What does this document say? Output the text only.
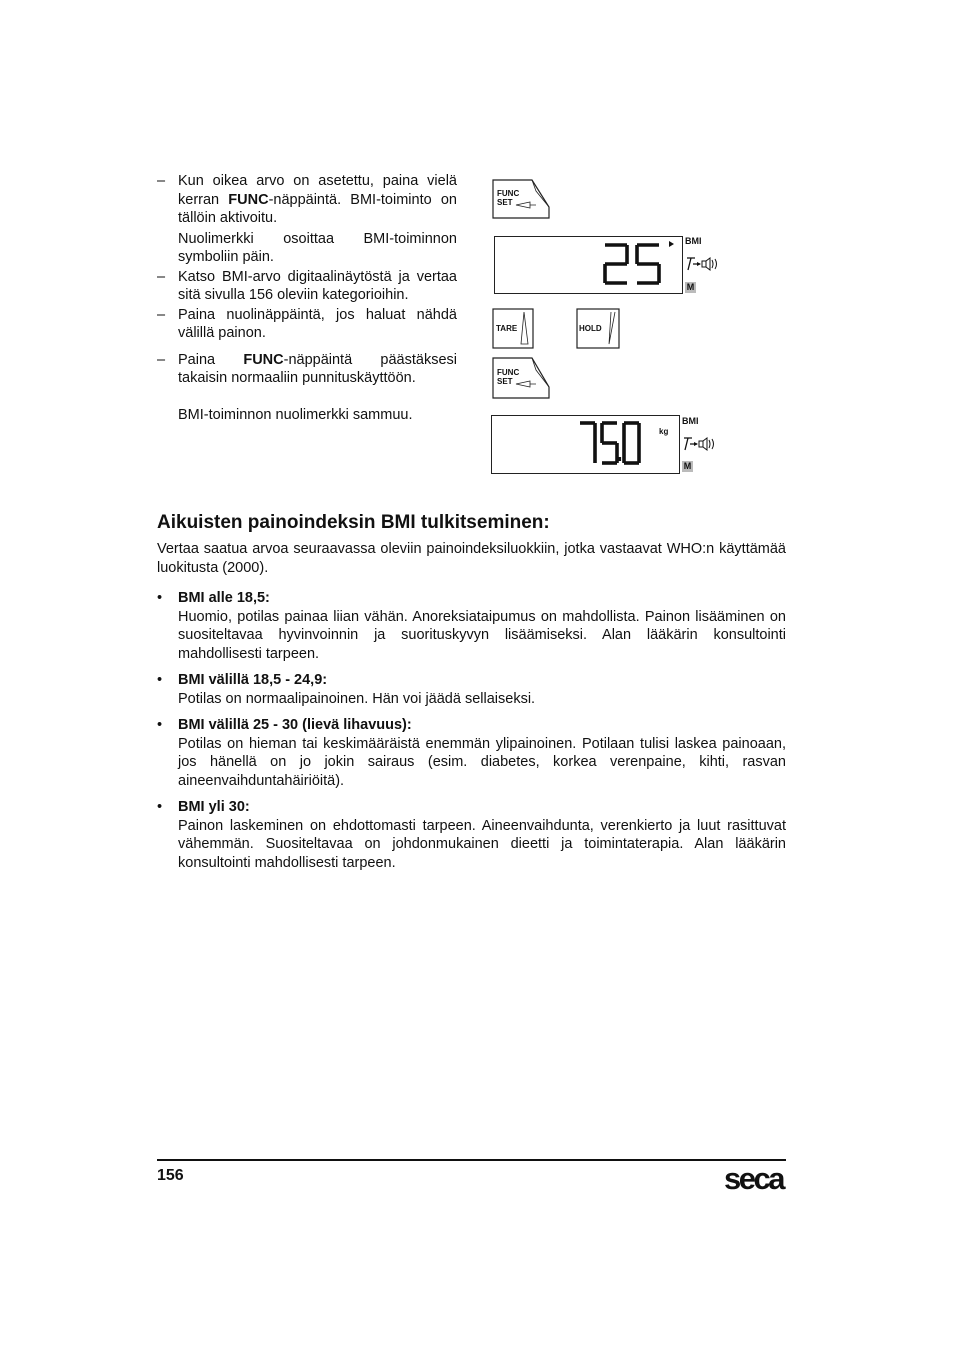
– Kun oikea arvo on asetettu, paina vielä kerran FUNC-näppäintä. BMI-toiminto on tällöin aktivoitu.

Nuolimerkki osoittaa BMI-toiminnon symboliin päin.

– Katso BMI-arvo digitaalinäytöstä ja vertaa sitä sivulla 156 oleviin kategorioihin.

– Paina nuolinäppäintä, jos haluat nähdä välillä painon.

– Paina FUNC-näppäintä päästäksesi takaisin normaaliin punnituskäyttöön.

BMI-toiminnon nuolimerkki sammuu.

FUNC
SET
BMI
M
TARE	HOLD
FUNC
SET
kg
BMI
M
Aikuisten painoindeksin BMI tulkitseminen:

Vertaa saatua arvoa seuraavassa oleviin painoindeksiluokkiin, jotka vastaavat WHO:n käyttämää luokitusta (2000).

• BMI alle 18,5:

Huomio, potilas painaa liian vähän. Anoreksiataipumus on mahdollista. Painon lisääminen on suositeltavaa hyvinvoinnin ja suorituskyvyn lisäämiseksi. Alan lääkärin konsultointi mahdollisesti tarpeen.

• BMI välillä 18,5 - 24,9:

Potilas on normaalipainoinen. Hän voi jäädä sellaiseksi.

• BMI välillä 25 - 30 (lievä lihavuus):

Potilas on hieman tai keskimääräistä enemmän ylipainoinen. Potilaan tulisi laskea painoaan, jos hänellä on jo jokin sairaus (esim. diabetes, korkea verenpaine, kihti, rasvan aineenvaihduntahäiriöitä).

• BMI yli 30:

Painon laskeminen on ehdottomasti tarpeen. Aineenvaihdunta, verenkierto ja luut rasittuvat vähemmän. Suositeltavaa on johdonmukainen dieetti ja toimintaterapia. Alan lääkärin konsultointi mahdollisesti tarpeen.

156	seca
